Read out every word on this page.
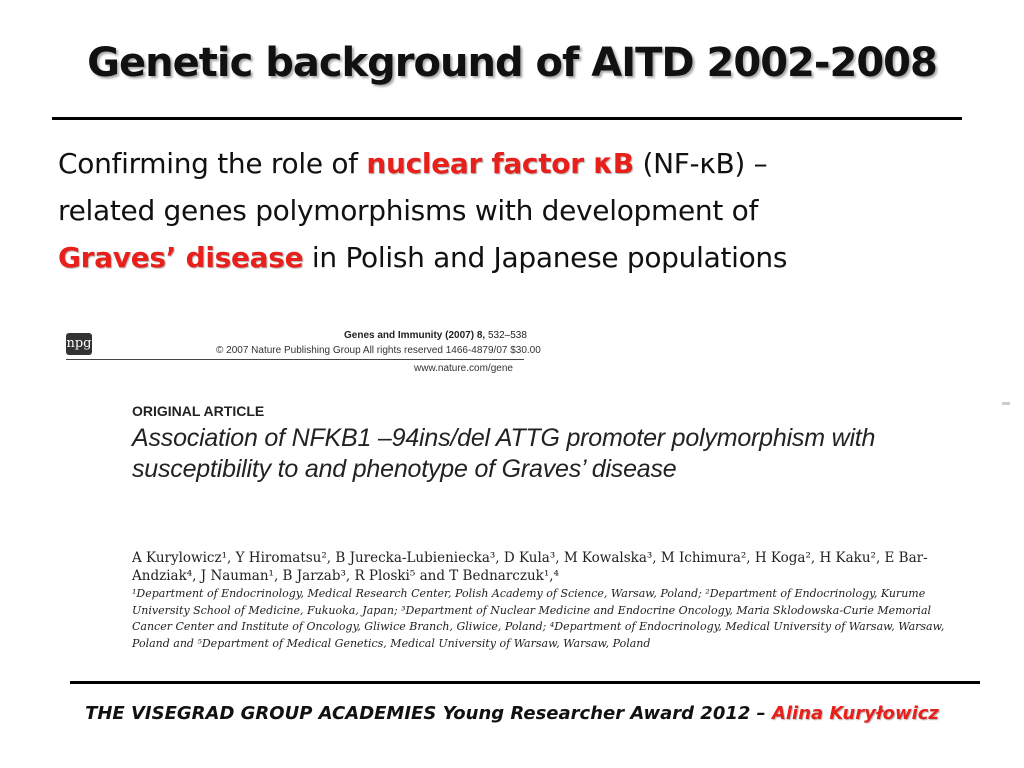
Genetic background of AITD 2002-2008
Confirming the role of nuclear factor κB (NF-κB) –
related genes polymorphisms with development of
Graves’ disease in Polish and Japanese populations
npg
Genes and Immunity (2007) 8, 532–538
© 2007 Nature Publishing Group All rights reserved 1466-4879/07 $30.00
www.nature.com/gene
ORIGINAL ARTICLE
Association of NFKB1 –94ins/del ATTG promoter polymorphism with susceptibility to and phenotype of Graves’ disease
A Kurylowicz¹, Y Hiromatsu², B Jurecka-Lubieniecka³, D Kula³, M Kowalska³, M Ichimura², H Koga², H Kaku², E Bar-Andziak⁴, J Nauman¹, B Jarzab³, R Ploski⁵ and T Bednarczuk¹,⁴
¹Department of Endocrinology, Medical Research Center, Polish Academy of Science, Warsaw, Poland; ²Department of Endocrinology, Kurume University School of Medicine, Fukuoka, Japan; ³Department of Nuclear Medicine and Endocrine Oncology, Maria Sklodowska-Curie Memorial Cancer Center and Institute of Oncology, Gliwice Branch, Gliwice, Poland; ⁴Department of Endocrinology, Medical University of Warsaw, Warsaw, Poland and ⁵Department of Medical Genetics, Medical University of Warsaw, Warsaw, Poland
THE VISEGRAD GROUP ACADEMIES Young Researcher Award 2012 – Alina Kuryłowicz
